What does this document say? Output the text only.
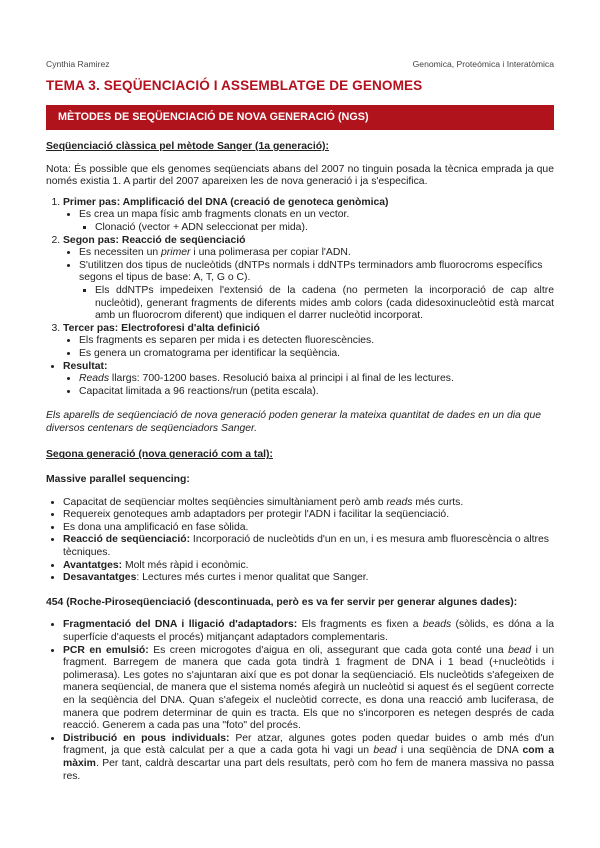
Cynthia Ramirez	Genomica, Proteómica i Interatòmica
TEMA 3. SEQÜENCIACIÓ I ASSEMBLATGE DE GENOMES
MÈTODES DE SEQÜENCIACIÓ DE NOVA GENERACIÓ (NGS)

Seqüenciació clàssica pel mètode Sanger (1a generació):

Nota: És possible que els genomes seqüenciats abans del 2007 no tinguin posada la tècnica emprada ja que només existia 1. A partir del 2007 apareixen les de nova generació i ja s'especifica.

1. Primer pas: Amplificació del DNA (creació de genoteca genòmica)
• Es crea un mapa físic amb fragments clonats en un vector.
▪ Clonació (vector + ADN seleccionat per mida).
2. Segon pas: Reacció de seqüenciació
• Es necessiten un primer i una polimerasa per copiar l'ADN.
• S'utilitzen dos tipus de nucleòtids (dNTPs normals i ddNTPs terminadors amb fluorocroms específics segons el tipus de base: A, T, G o C).
▪ Els ddNTPs impedeixen l'extensió de la cadena (no permeten la incorporació de cap altre nucleòtid), generant fragments de diferents mides amb colors (cada didesoxinucleòtid està marcat amb un fluorocrom diferent) que indiquen el darrer nucleòtid incorporat.
3. Tercer pas: Electroforesi d'alta definició
• Els fragments es separen per mida i es detecten fluorescències.
• Es genera un cromatograma per identificar la seqüència.
• Resultat:
• Reads llargs: 700-1200 bases. Resolució baixa al principi i al final de les lectures.
• Capacitat limitada a 96 reactions/run (petita escala).

Els aparells de seqüenciació de nova generació poden generar la mateixa quantitat de dades en un dia que diversos centenars de seqüenciadors Sanger.

Segona generació (nova generació com a tal):

Massive parallel sequencing:

• Capacitat de seqüenciar moltes seqüències simultàniament però amb reads més curts.
• Requereix genoteques amb adaptadors per protegir l'ADN i facilitar la seqüenciació.
• Es dona una amplificació en fase sòlida.
• Reacció de seqüenciació: Incorporació de nucleòtids d'un en un, i es mesura amb fluorescència o altres tècniques.
• Avantatges: Molt més ràpid i econòmic.
• Desavantatges: Lectures més curtes i menor qualitat que Sanger.

454 (Roche-Piroseqüenciació (descontinuada, però es va fer servir per generar algunes dades):

• Fragmentació del DNA i lligació d'adaptadors: Els fragments es fixen a beads (sòlids, es dóna a la superfície d'aquests el procés) mitjançant adaptadors complementaris.
• PCR en emulsió: Es creen microgotes d'aigua en oli, assegurant que cada gota conté una bead i un fragment. Barregem de manera que cada gota tindrà 1 fragment de DNA i 1 bead (+nucleòtids i polimerasa). Les gotes no s'ajuntaran així que es pot donar la seqüenciació. Els nucleòtids s'afegeixen de manera seqüencial, de manera que el sistema només afegirà un nucleòtid si aquest és el següent correcte en la seqüència del DNA. Quan s'afegeix el nucleòtid correcte, es dona una reacció amb luciferasa, de manera que podrem determinar de quin es tracta. Els que no s'incorporen es netegen després de cada reacció. Generem a cada pas una "foto" del procés.
• Distribució en pous individuals: Per atzar, algunes gotes poden quedar buides o amb més d'un fragment, ja que està calculat per a que a cada gota hi vagi un bead i una seqüència de DNA com a màxim. Per tant, caldrà descartar una part dels resultats, però com ho fem de manera massiva no passa res.
